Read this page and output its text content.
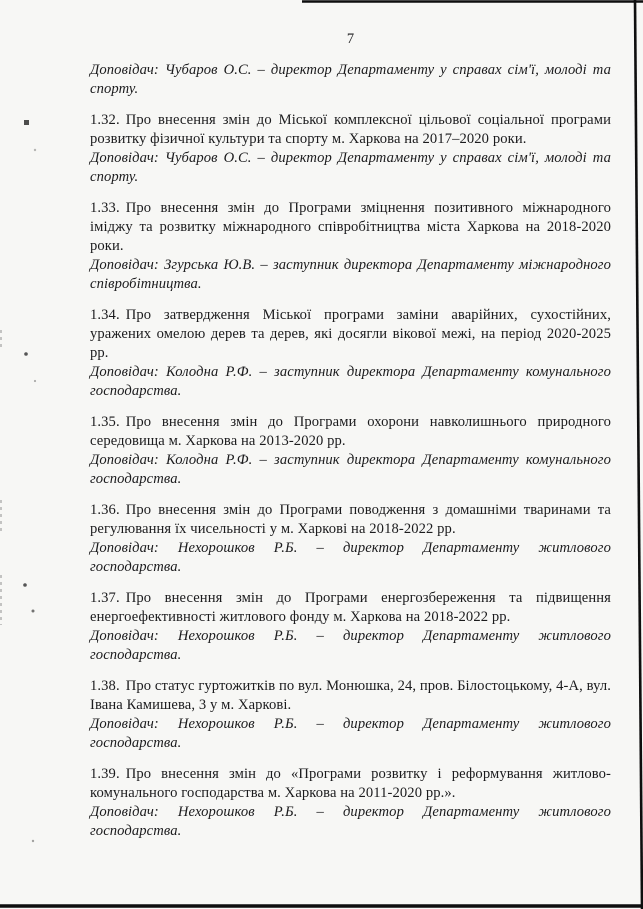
7

Доповідач: Чубаров О.С. – директор Департаменту у справах сім'ї, молоді та спорту.

1.32. Про внесення змін до Міської комплексної цільової соціальної програми розвитку фізичної культури та спорту м. Харкова на 2017–2020 роки.

Доповідач: Чубаров О.С. – директор Департаменту у справах сім'ї, молоді та спорту.

1.33. Про внесення змін до Програми зміцнення позитивного міжнародного іміджу та розвитку міжнародного співробітництва міста Харкова на 2018-2020 роки.

Доповідач: Згурська Ю.В. – заступник директора Департаменту міжнародного співробітництва.

1.34. Про затвердження Міської програми заміни аварійних, сухостійних, уражених омелою дерев та дерев, які досягли вікової межі, на період 2020-2025 рр.

Доповідач: Колодна Р.Ф. – заступник директора Департаменту комунального господарства.

1.35. Про внесення змін до Програми охорони навколишнього природного середовища м. Харкова на 2013-2020 рр.

Доповідач: Колодна Р.Ф. – заступник директора Департаменту комунального господарства.

1.36. Про внесення змін до Програми поводження з домашніми тваринами та регулювання їх чисельності у м. Харкові на 2018-2022 рр.

Доповідач: Нехорошков Р.Б. – директор Департаменту житлового господарства.

1.37. Про внесення змін до Програми енергозбереження та підвищення енергоефективності житлового фонду м. Харкова на 2018-2022 рр.

Доповідач: Нехорошков Р.Б. – директор Департаменту житлового господарства.

1.38. Про статус гуртожитків по вул. Монюшка, 24, пров. Білостоцькому, 4-А, вул. Івана Камишева, 3 у м. Харкові.

Доповідач: Нехорошков Р.Б. – директор Департаменту житлового господарства.

1.39. Про внесення змін до «Програми розвитку і реформування житлово-комунального господарства м. Харкова на 2011-2020 рр.».

Доповідач: Нехорошков Р.Б. – директор Департаменту житлового господарства.
